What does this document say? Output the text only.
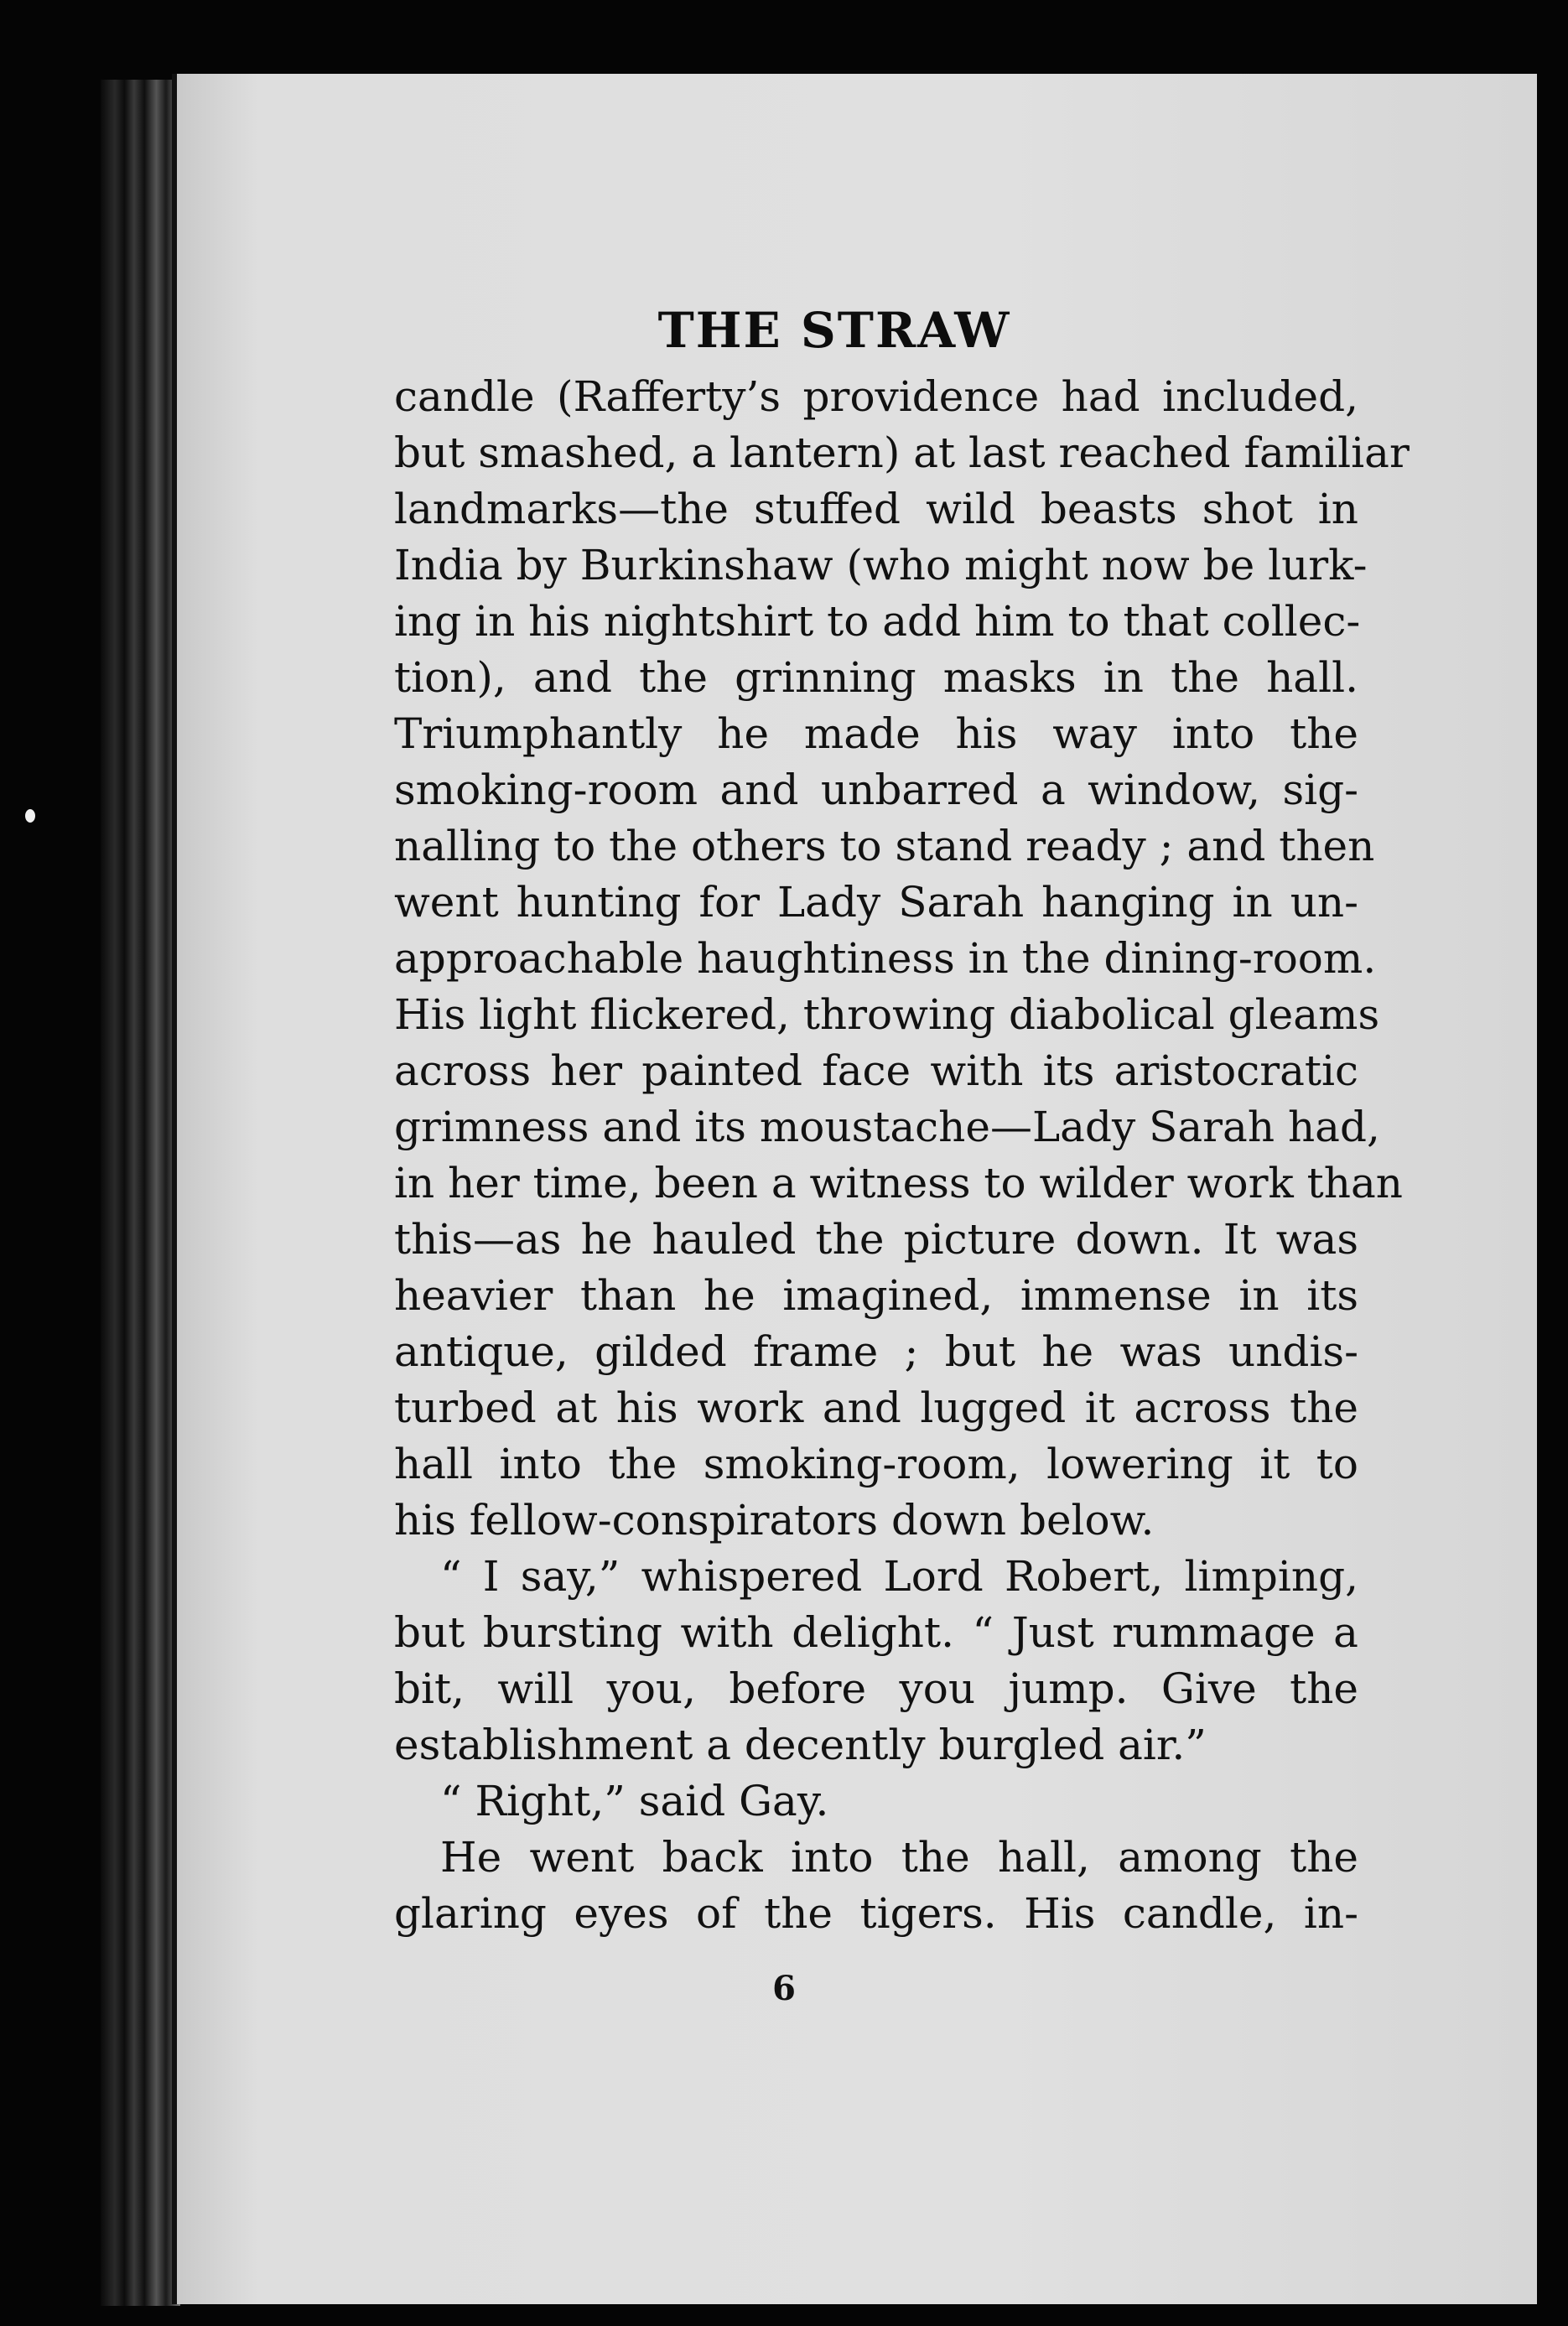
THE STRAW
candle (Rafferty’s providence had included,
but smashed, a lantern) at last reached familiar
landmarks—the stuffed wild beasts shot in
India by Burkinshaw (who might now be lurk-
ing in his nightshirt to add him to that collec-
tion), and the grinning masks in the hall.
Triumphantly he made his way into the
smoking-room and unbarred a window, sig-
nalling to the others to stand ready ; and then
went hunting for Lady Sarah hanging in un-
approachable haughtiness in the dining-room.
His light flickered, throwing diabolical gleams
across her painted face with its aristocratic
grimness and its moustache—Lady Sarah had,
in her time, been a witness to wilder work than
this—as he hauled the picture down. It was
heavier than he imagined, immense in its
antique, gilded frame ; but he was undis-
turbed at his work and lugged it across the
hall into the smoking-room, lowering it to
his fellow-conspirators down below.
“ I say,” whispered Lord Robert, limping,
but bursting with delight. “ Just rummage a
bit, will you, before you jump. Give the
establishment a decently burgled air.”
“ Right,” said Gay.
He went back into the hall, among the
glaring eyes of the tigers. His candle, in-
6
